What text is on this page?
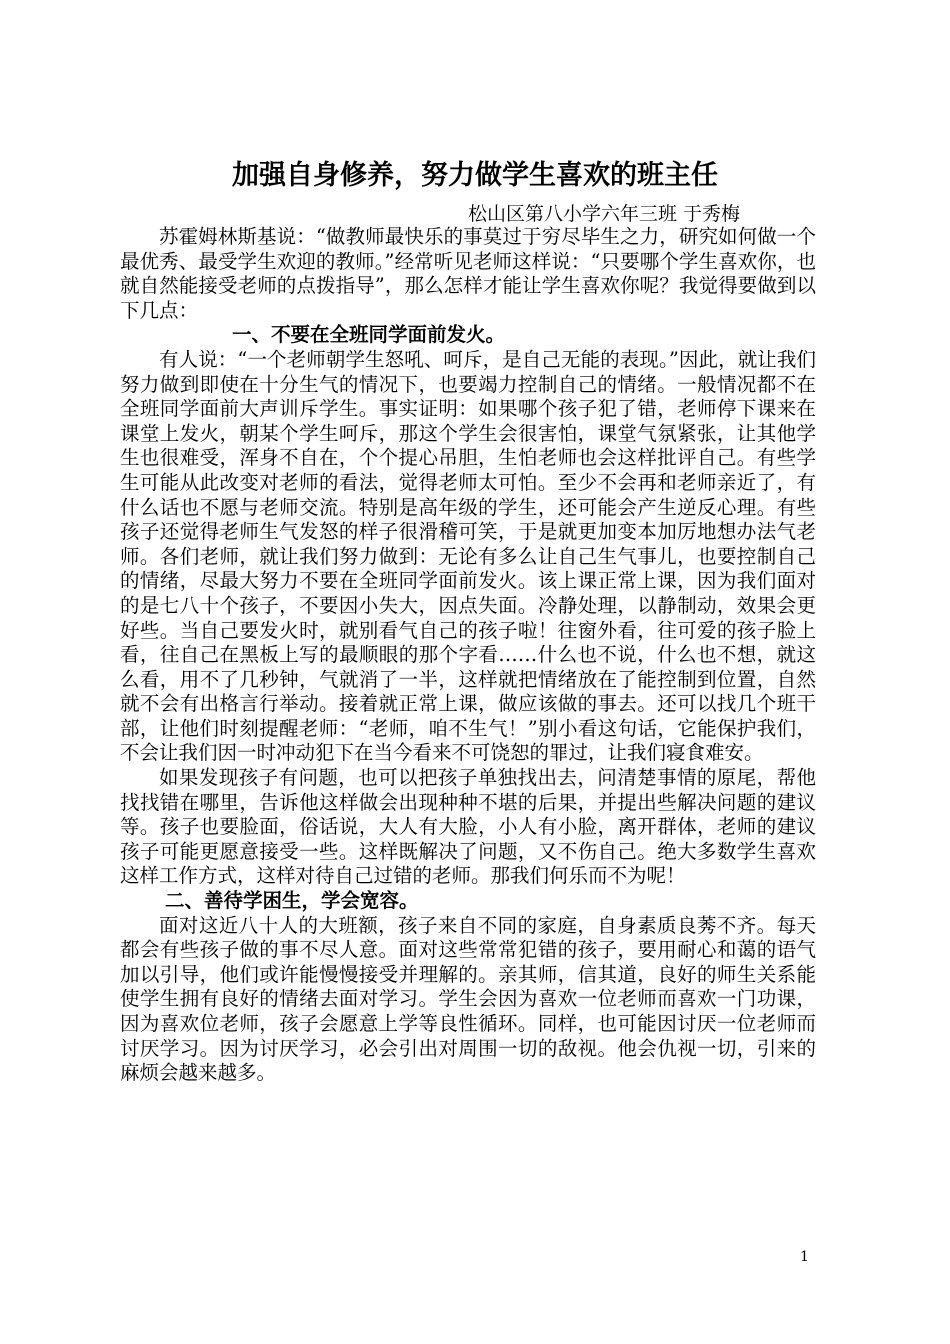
加强自身修养，努力做学生喜欢的班主任
松山区第八小学六年三班 于秀梅

苏霍姆林斯基说：“做教师最快乐的事莫过于穷尽毕生之力，研究如何做一个最优秀、最受学生欢迎的教师。”经常听见老师这样说：“只要哪个学生喜欢你，也就自然能接受老师的点拨指导”，那么怎样才能让学生喜欢你呢？我觉得要做到以下几点：

一、不要在全班同学面前发火。

有人说：“一个老师朝学生怒吼、呵斥，是自己无能的表现。”因此，就让我们努力做到即使在十分生气的情况下，也要竭力控制自己的情绪。一般情况都不在全班同学面前大声训斥学生。事实证明：如果哪个孩子犯了错，老师停下课来在课堂上发火，朝某个学生呵斥，那这个学生会很害怕，课堂气氛紧张，让其他学生也很难受，浑身不自在，个个提心吊胆，生怕老师也会这样批评自己。有些学生可能从此改变对老师的看法，觉得老师太可怕。至少不会再和老师亲近了，有什么话也不愿与老师交流。特别是高年级的学生，还可能会产生逆反心理。有些孩子还觉得老师生气发怒的样子很滑稽可笑，于是就更加变本加厉地想办法气老师。各们老师，就让我们努力做到：无论有多么让自己生气事儿，也要控制自己的情绪，尽最大努力不要在全班同学面前发火。该上课正常上课，因为我们面对的是七八十个孩子，不要因小失大，因点失面。冷静处理，以静制动，效果会更好些。当自己要发火时，就别看气自己的孩子啦！往窗外看，往可爱的孩子脸上看，往自己在黑板上写的最顺眼的那个字看……什么也不说，什么也不想，就这么看，用不了几秒钟，气就消了一半，这样就把情绪放在了能控制到位置，自然就不会有出格言行举动。接着就正常上课，做应该做的事去。还可以找几个班干部，让他们时刻提醒老师：“老师，咱不生气！”别小看这句话，它能保护我们，不会让我们因一时冲动犯下在当今看来不可饶恕的罪过，让我们寝食难安。

如果发现孩子有问题，也可以把孩子单独找出去，问清楚事情的原尾，帮他找找错在哪里，告诉他这样做会出现种种不堪的后果，并提出些解决问题的建议等。孩子也要脸面，俗话说，大人有大脸，小人有小脸，离开群体，老师的建议孩子可能更愿意接受一些。这样既解决了问题，又不伤自己。绝大多数学生喜欢这样工作方式，这样对待自己过错的老师。那我们何乐而不为呢！

二、善待学困生，学会宽容。

面对这近八十人的大班额，孩子来自不同的家庭，自身素质良莠不齐。每天都会有些孩子做的事不尽人意。面对这些常常犯错的孩子，要用耐心和蔼的语气加以引导，他们或许能慢慢接受并理解的。亲其师，信其道，良好的师生关系能使学生拥有良好的情绪去面对学习。学生会因为喜欢一位老师而喜欢一门功课，因为喜欢位老师，孩子会愿意上学等良性循环。同样，也可能因讨厌一位老师而讨厌学习。因为讨厌学习，必会引出对周围一切的敌视。他会仇视一切，引来的麻烦会越来越多。

1
